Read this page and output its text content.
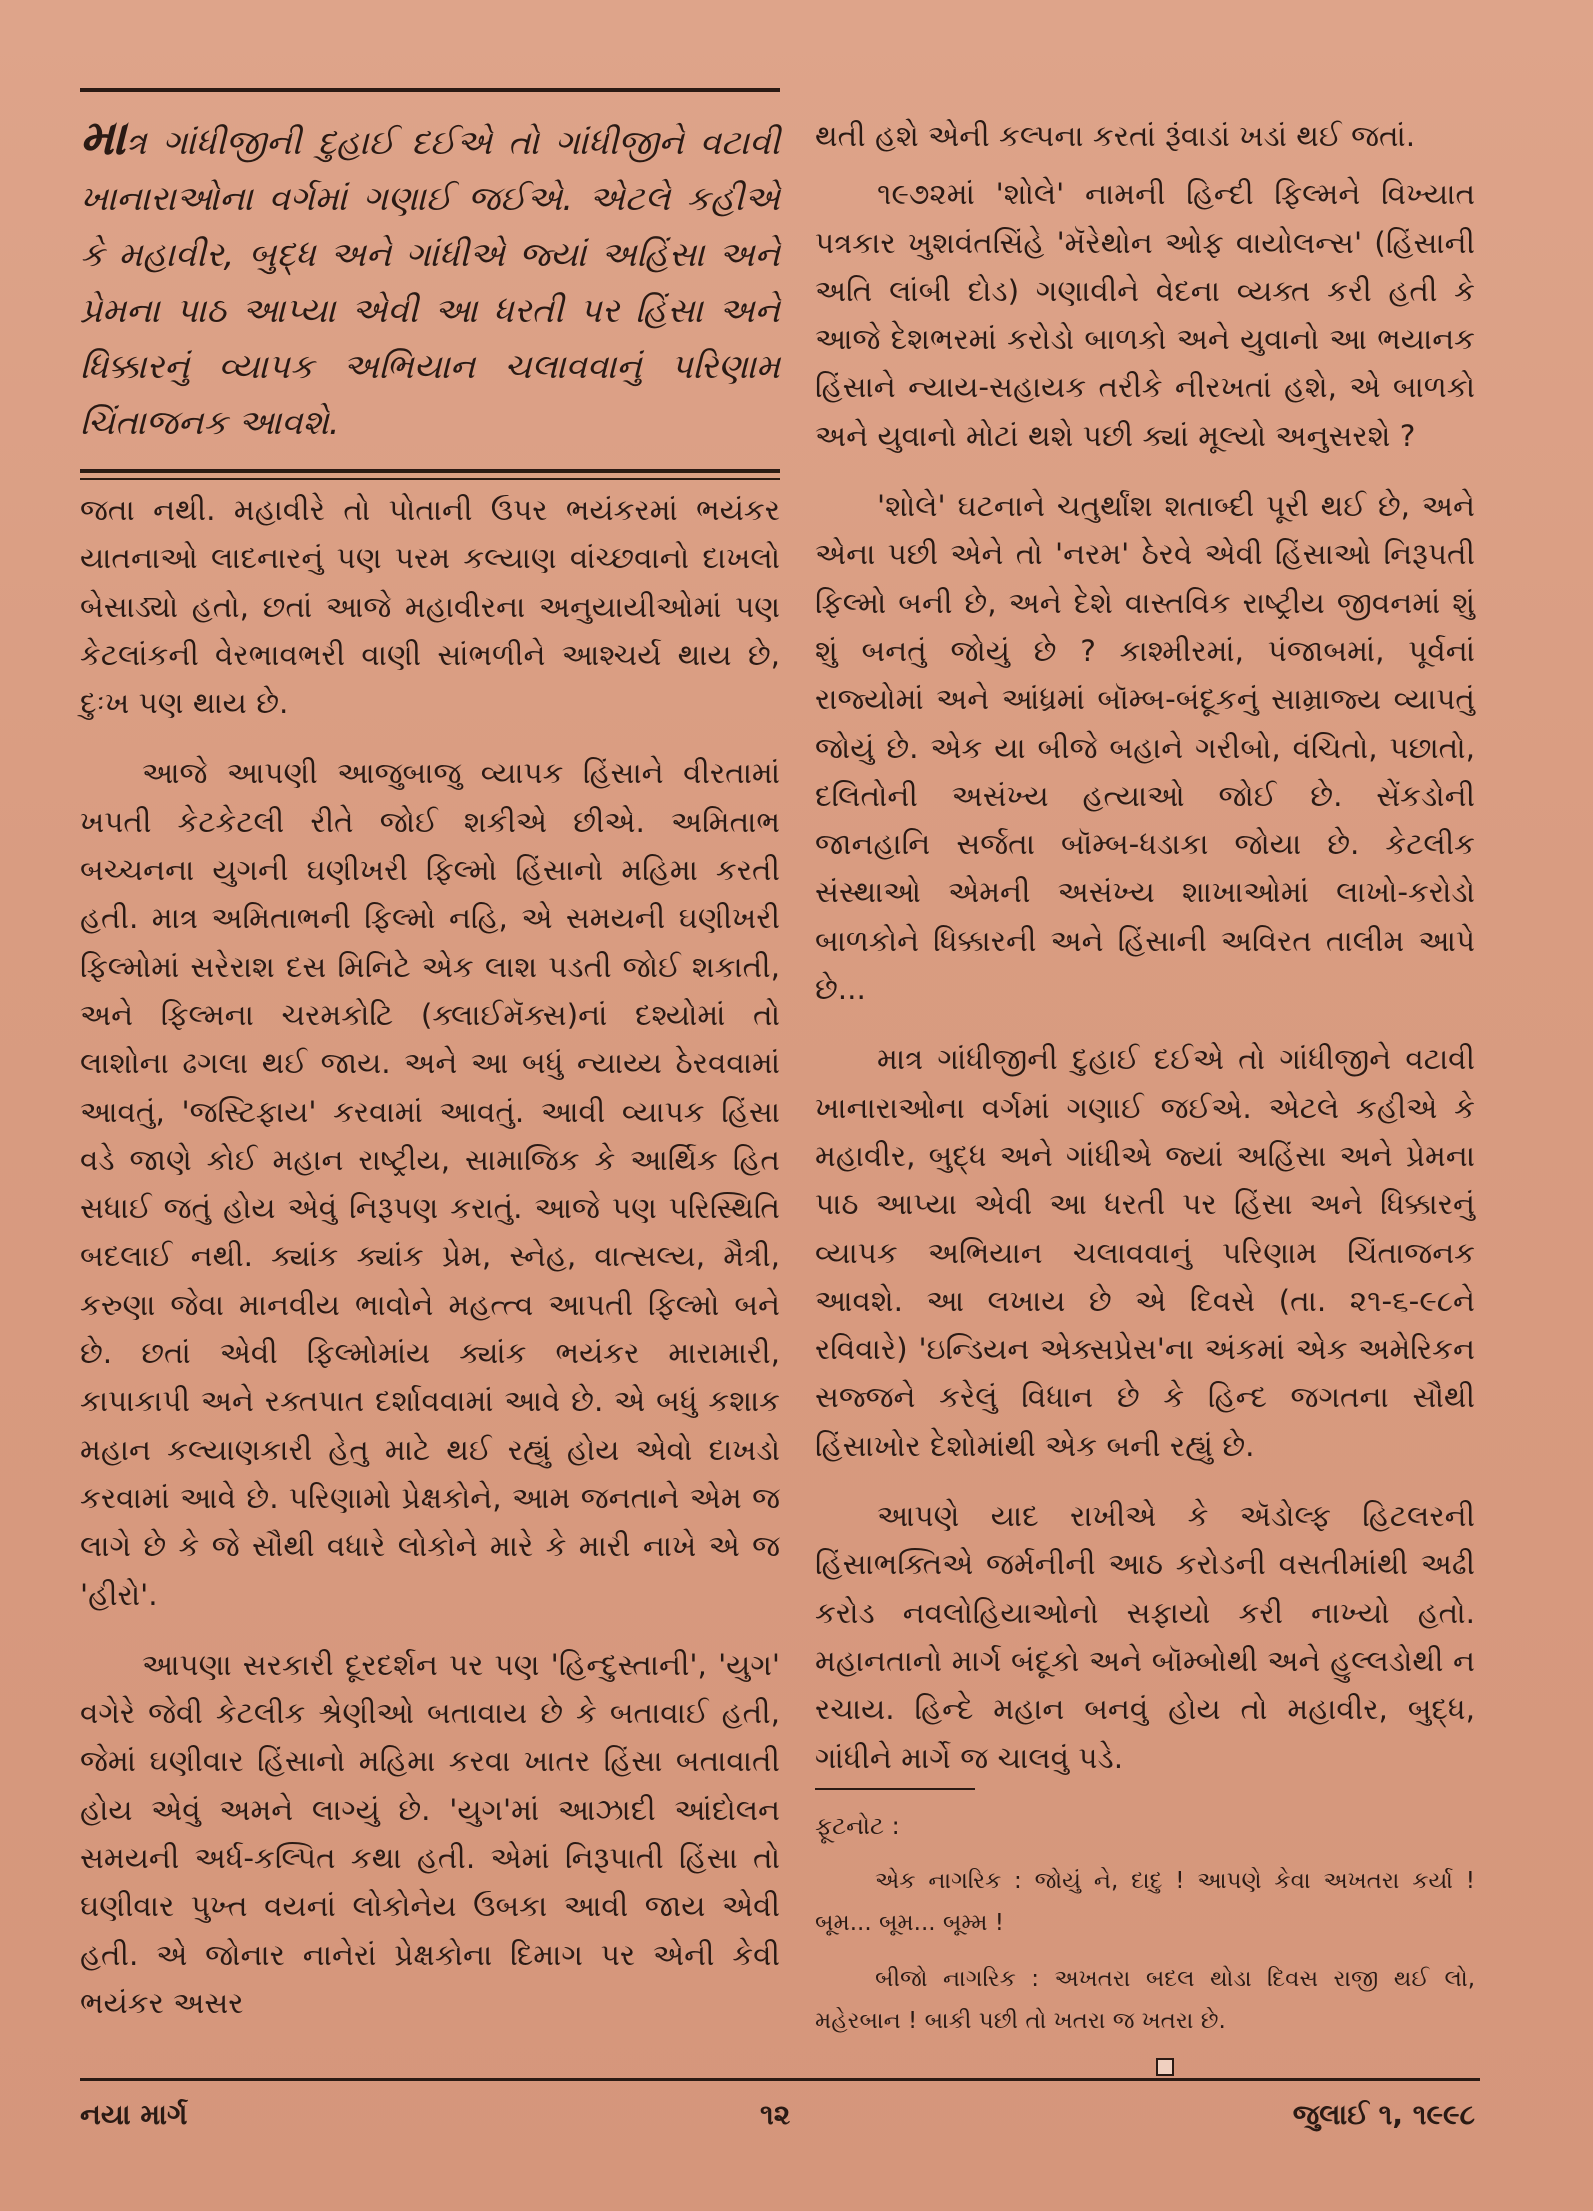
માત્ર ગાંધીજીની દુહાઈ દઈએ તો ગાંધીજીને વટાવી ખાનારાઓના વર્ગમાં ગણાઈ જઈએ. એટલે કહીએ કે મહાવીર, બુદ્ધ અને ગાંધીએ જ્યાં અહિંસા અને પ્રેમના પાઠ આપ્યા એવી આ ધરતી પર હિંસા અને ધિક્કારનું વ્યાપક અભિયાન ચલાવવાનું પરિણામ ચિંતાજનક આવશે.

જતા નથી. મહાવીરે તો પોતાની ઉપર ભયંકરમાં ભયંકર યાતનાઓ લાદનારનું પણ પરમ કલ્યાણ વાંચ્છવાનો દાખલો બેસાડ્યો હતો, છતાં આજે મહાવીરના અનુયાયીઓમાં પણ કેટલાંકની વેરભાવભરી વાણી સાંભળીને આશ્ચર્ય થાય છે, દુઃખ પણ થાય છે.

આજે આપણી આજુબાજુ વ્યાપક હિંસાને વીરતામાં ખપતી કેટકેટલી રીતે જોઈ શકીએ છીએ. અમિતાભ બચ્ચનના યુગની ઘણીખરી ફિલ્મો હિંસાનો મહિમા કરતી હતી. માત્ર અમિતાભની ફિલ્મો નહિ, એ સમયની ઘણીખરી ફિલ્મોમાં સરેરાશ દસ મિનિટે એક લાશ પડતી જોઈ શકાતી, અને ફિલ્મના ચરમકોટિ (ક્લાઈમૅક્સ)નાં દશ્યોમાં તો લાશોના ઢગલા થઈ જાય. અને આ બધું ન્યાય્ય ઠેરવવામાં આવતું, 'જસ્ટિફાય' કરવામાં આવતું. આવી વ્યાપક હિંસા વડે જાણે કોઈ મહાન રાષ્ટ્રીય, સામાજિક કે આર્થિક હિત સધાઈ જતું હોય એવું નિરૂપણ કરાતું. આજે પણ પરિસ્થિતિ બદલાઈ નથી. ક્યાંક ક્યાંક પ્રેમ, સ્નેહ, વાત્સલ્ય, મૈત્રી, કરુણા જેવા માનવીય ભાવોને મહત્ત્વ આપતી ફિલ્મો બને છે. છતાં એવી ફિલ્મોમાંય ક્યાંક ભયંકર મારામારી, કાપાકાપી અને રક્તપાત દર્શાવવામાં આવે છે. એ બધું કશાક મહાન કલ્યાણકારી હેતુ માટે થઈ રહ્યું હોય એવો દાખડો કરવામાં આવે છે. પરિણામો પ્રેક્ષકોને, આમ જનતાને એમ જ લાગે છે કે જે સૌથી વધારે લોકોને મારે કે મારી નાખે એ જ 'હીરો'.

આપણા સરકારી દૂરદર્શન પર પણ 'હિન્દુસ્તાની', 'યુગ' વગેરે જેવી કેટલીક શ્રેણીઓ બતાવાય છે કે બતાવાઈ હતી, જેમાં ઘણીવાર હિંસાનો મહિમા કરવા ખાતર હિંસા બતાવાતી હોય એવું અમને લાગ્યું છે. 'યુગ'માં આઝાદી આંદોલન સમયની અર્ધ-કલ્પિત કથા હતી. એમાં નિરૂપાતી હિંસા તો ઘણીવાર પુખ્ત વયનાં લોકોનેય ઉબકા આવી જાય એવી હતી. એ જોનાર નાનેરાં પ્રેક્ષકોના દિમાગ પર એની કેવી ભયંકર અસર

થતી હશે એની કલ્પના કરતાં રૂંવાડાં ખડાં થઈ જતાં.

૧૯૭૨માં 'શોલે' નામની હિન્દી ફિલ્મને વિખ્યાત પત્રકાર ખુશવંતસિંહે 'મૅરેથોન ઓફ વાયોલન્સ' (હિંસાની અતિ લાંબી દોડ) ગણાવીને વેદના વ્યક્ત કરી હતી કે આજે દેશભરમાં કરોડો બાળકો અને યુવાનો આ ભયાનક હિંસાને ન્યાય-સહાયક તરીકે નીરખતાં હશે, એ બાળકો અને યુવાનો મોટાં થશે પછી ક્યાં મૂલ્યો અનુસરશે ?

'શોલે' ઘટનાને ચતુર્થાંશ શતાબ્દી પૂરી થઈ છે, અને એના પછી એને તો 'નરમ' ઠેરવે એવી હિંસાઓ નિરૂપતી ફિલ્મો બની છે, અને દેશે વાસ્તવિક રાષ્ટ્રીય જીવનમાં શું શું બનતું જોયું છે ? કાશ્મીરમાં, પંજાબમાં, પૂર્વનાં રાજ્યોમાં અને આંધ્રમાં બૉમ્બ-બંદૂકનું સામ્રાજ્ય વ્યાપતું જોયું છે. એક યા બીજે બહાને ગરીબો, વંચિતો, પછાતો, દલિતોની અસંખ્ય હત્યાઓ જોઈ છે. સેંકડોની જાનહાનિ સર્જતા બૉમ્બ-ધડાકા જોયા છે. કેટલીક સંસ્થાઓ એમની અસંખ્ય શાખાઓમાં લાખો-કરોડો બાળકોને ધિક્કારની અને હિંસાની અવિરત તાલીમ આપે છે...

માત્ર ગાંધીજીની દુહાઈ દઈએ તો ગાંધીજીને વટાવી ખાનારાઓના વર્ગમાં ગણાઈ જઈએ. એટલે કહીએ કે મહાવીર, બુદ્ધ અને ગાંધીએ જ્યાં અહિંસા અને પ્રેમના પાઠ આપ્યા એવી આ ધરતી પર હિંસા અને ધિક્કારનું વ્યાપક અભિયાન ચલાવવાનું પરિણામ ચિંતાજનક આવશે. આ લખાય છે એ દિવસે (તા. ૨૧-૬-૯૮ને રવિવારે) 'ઇન્ડિયન એક્સપ્રેસ'ના અંકમાં એક અમેરિકન સજ્જને કરેલું વિધાન છે કે હિન્દ જગતના સૌથી હિંસાખોર દેશોમાંથી એક બની રહ્યું છે.

આપણે યાદ રાખીએ કે ઍડોલ્ફ હિટલરની હિંસાભક્તિએ જર્મનીની આઠ કરોડની વસતીમાંથી અઢી કરોડ નવલોહિયાઓનો સફાયો કરી નાખ્યો હતો. મહાનતાનો માર્ગ બંદૂકો અને બૉમ્બોથી અને હુલ્લડોથી ન રચાય. હિન્દે મહાન બનવું હોય તો મહાવીર, બુદ્ધ, ગાંધીને માર્ગે જ ચાલવું પડે.

ફૂટનોટ :

એક નાગરિક : જોયું ને, દાદુ ! આપણે કેવા અખતરા કર્યા ! બૂમ... બૂમ... બૂમ્મ !

બીજો નાગરિક : અખતરા બદલ થોડા દિવસ રાજી થઈ લો, મહેરબાન ! બાકી પછી તો ખતરા જ ખતરા છે.

નયા માર્ગ	૧૨	જુલાઈ ૧, ૧૯૯૮
